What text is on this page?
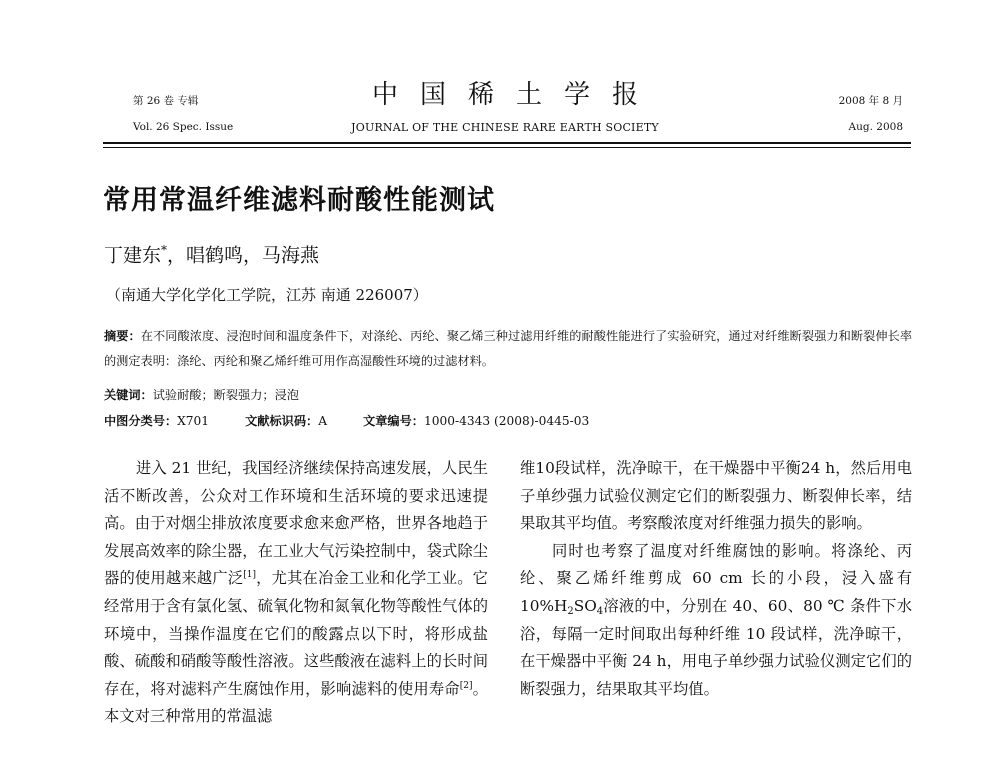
第 26 卷 专辑
Vol. 26 Spec. Issue
中国稀土学报
JOURNAL OF THE CHINESE RARE EARTH SOCIETY
2008 年 8 月
Aug. 2008
常用常温纤维滤料耐酸性能测试
丁建东*，唱鹤鸣，马海燕
（南通大学化学化工学院，江苏 南通 226007）
摘要：在不同酸浓度、浸泡时间和温度条件下，对涤纶、丙纶、聚乙烯三种过滤用纤维的耐酸性能进行了实验研究，通过对纤维断裂强力和断裂伸长率的测定表明：涤纶、丙纶和聚乙烯纤维可用作高湿酸性环境的过滤材料。
关键词：试验耐酸；断裂强力；浸泡
中图分类号：X701	文献标识码：A	文章编号：1000-4343 (2008)-0445-03

进入 21 世纪，我国经济继续保持高速发展，人民生活不断改善，公众对工作环境和生活环境的要求迅速提高。由于对烟尘排放浓度要求愈来愈严格，世界各地趋于发展高效率的除尘器，在工业大气污染控制中，袋式除尘器的使用越来越广泛[1]，尤其在冶金工业和化学工业。它经常用于含有氯化氢、硫氧化物和氮氧化物等酸性气体的环境中，当操作温度在它们的酸露点以下时，将形成盐酸、硫酸和硝酸等酸性溶液。这些酸液在滤料上的长时间存在，将对滤料产生腐蚀作用，影响滤料的使用寿命[2]。本文对三种常用的常温滤

维10段试样，洗净晾干，在干燥器中平衡24 h，然后用电子单纱强力试验仪测定它们的断裂强力、断裂伸长率，结果取其平均值。考察酸浓度对纤维强力损失的影响。

同时也考察了温度对纤维腐蚀的影响。将涤纶、丙纶、聚乙烯纤维剪成 60 cm 长的小段，浸入盛有 $10\%H_2SO_4$溶液的中，分别在 40、60、80 ℃ 条件下水浴，每隔一定时间取出每种纤维 10 段试样，洗净晾干，在干燥器中平衡 24 h，用电子单纱强力试验仪测定它们的断裂强力，结果取其平均值。
